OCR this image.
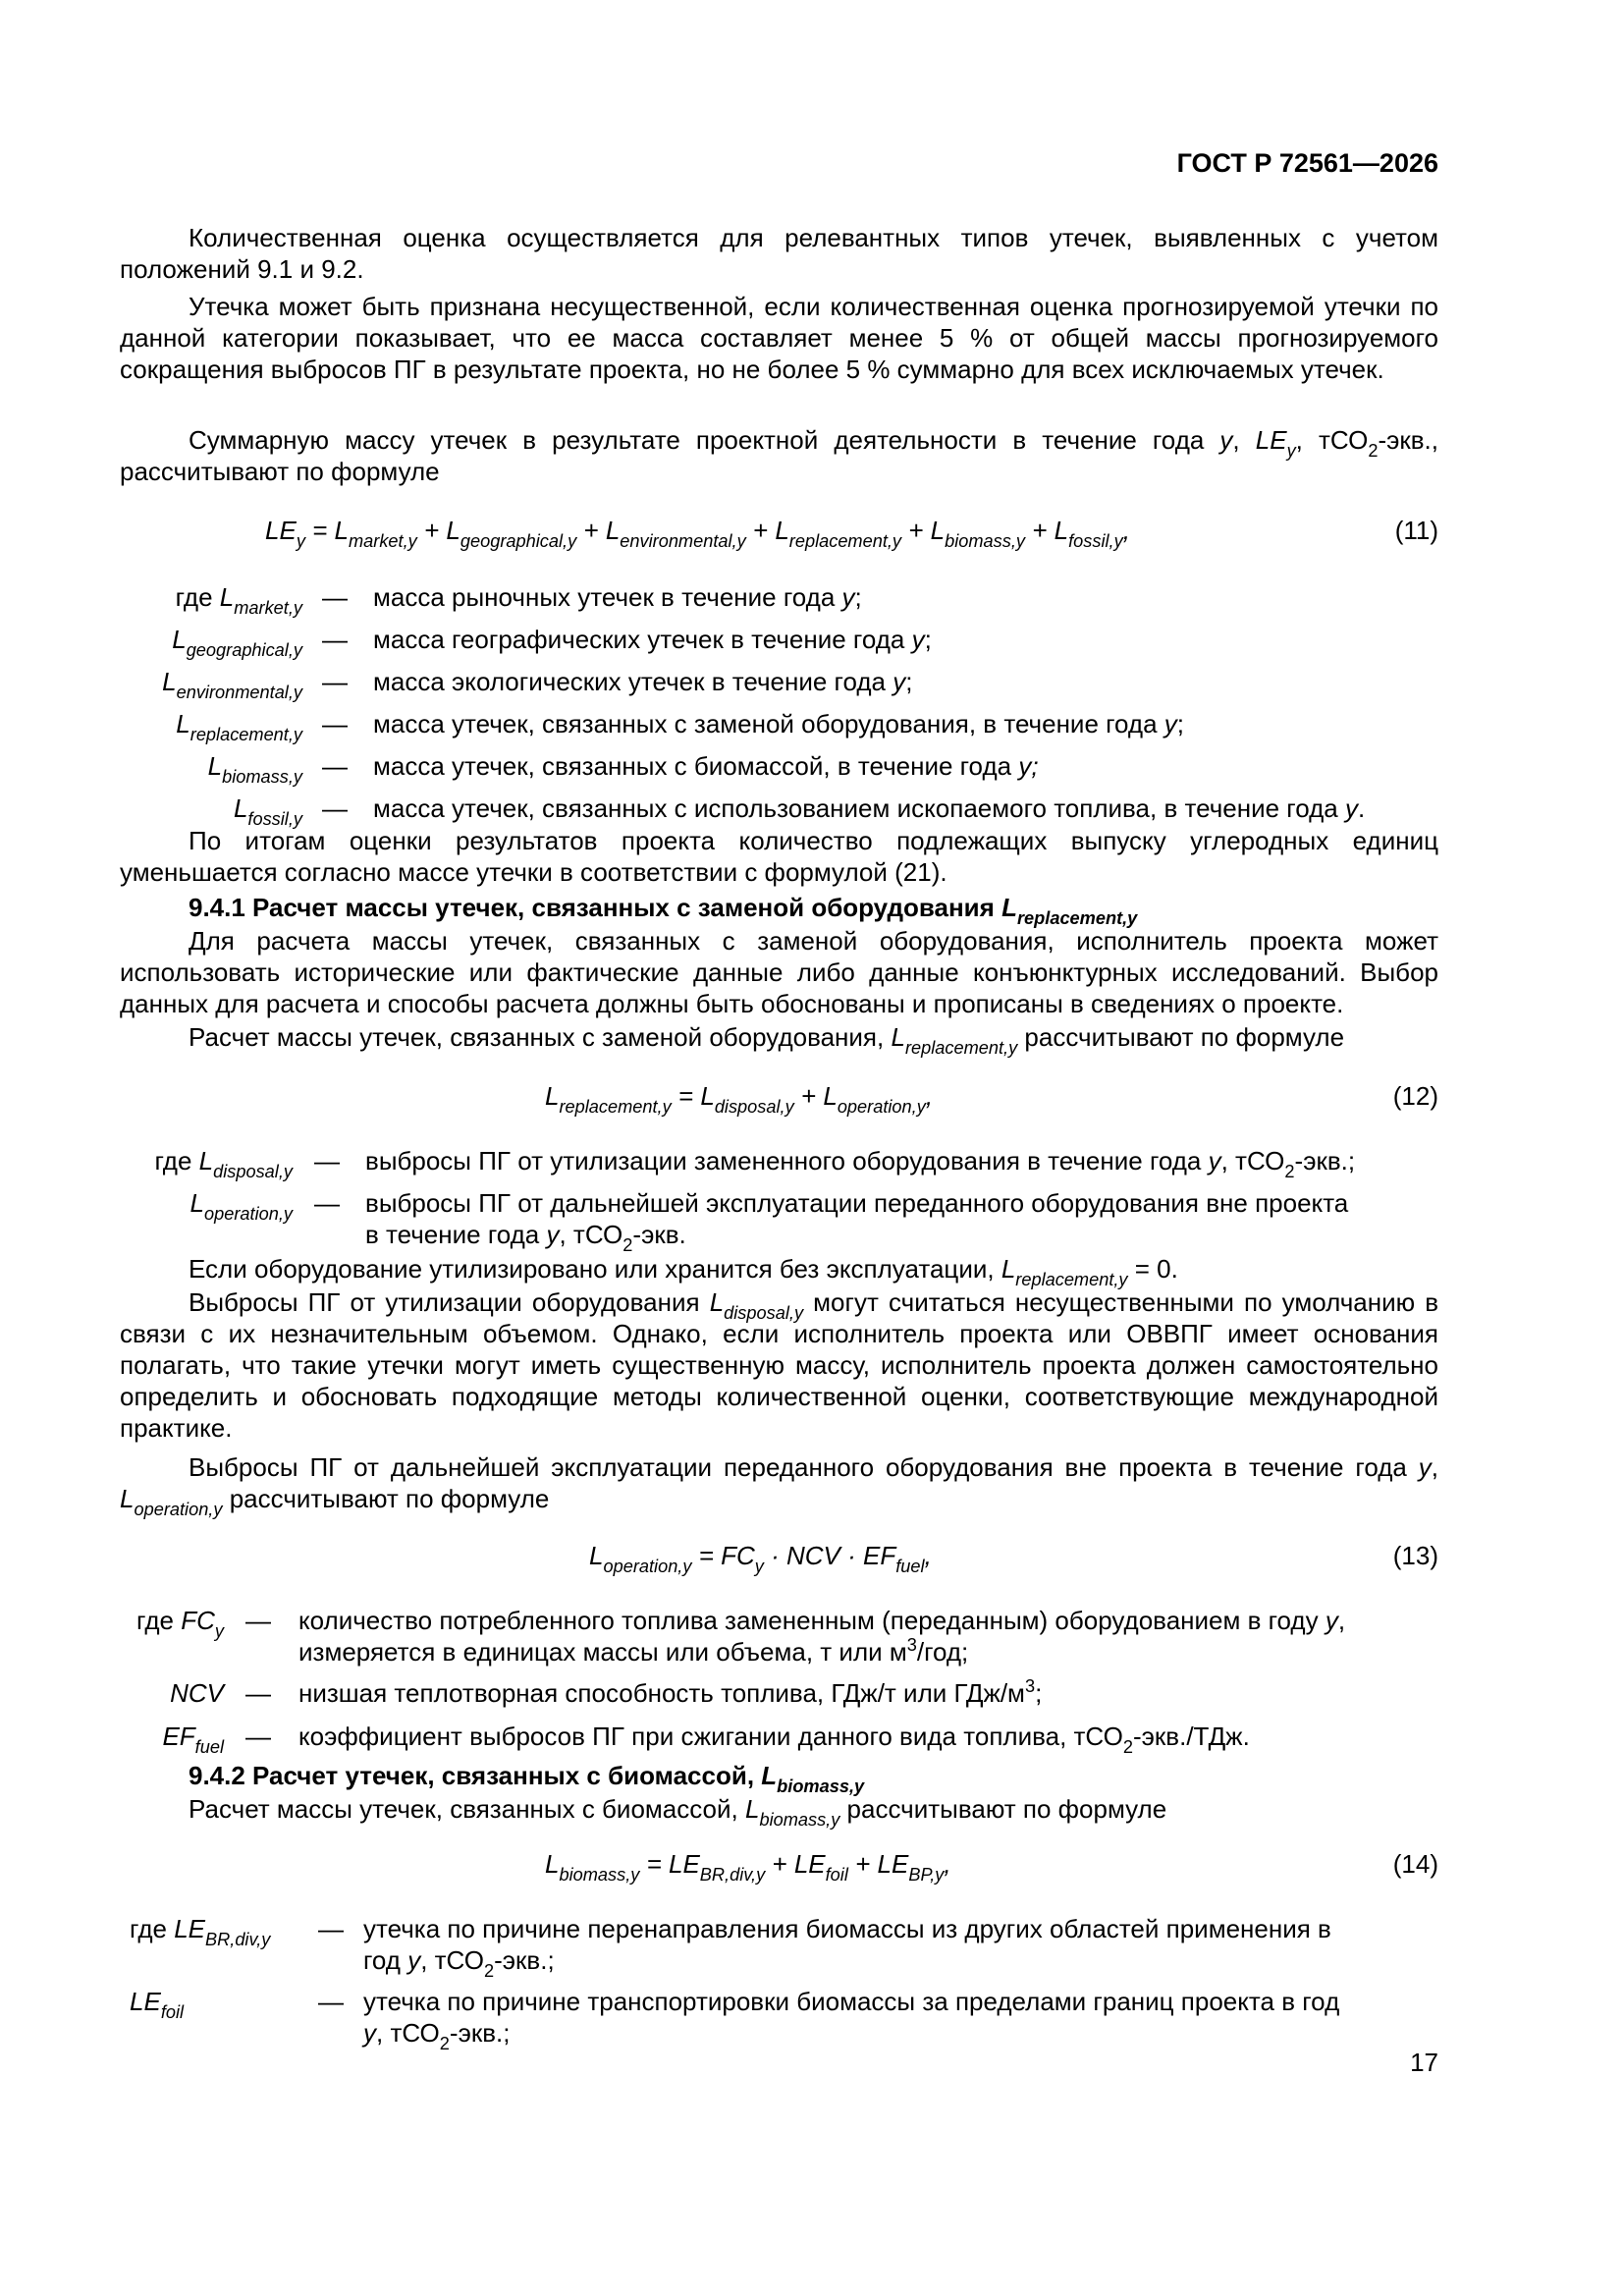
ГОСТ Р 72561—2026
Количественная оценка осуществляется для релевантных типов утечек, выявленных с учетом положений 9.1 и 9.2.
Утечка может быть признана несущественной, если количественная оценка прогнозируемой утечки по данной категории показывает, что ее масса составляет менее 5 % от общей массы прогнозируемого сокращения выбросов ПГ в результате проекта, но не более 5 % суммарно для всех исключаемых утечек.
Суммарную массу утечек в результате проектной деятельности в течение года y, $LE_y$, тСО$_2$-экв., рассчитывают по формуле
$LE_y = L_{market,y} + L_{geographical,y} + L_{environmental,y} + L_{replacement,y} + L_{biomass,y} + L_{fossil,y}$,	(11)
где $L_{market,y}$ — масса рыночных утечек в течение года y;
$L_{geographical,y}$ — масса географических утечек в течение года y;
$L_{environmental,y}$ — масса экологических утечек в течение года y;
$L_{replacement,y}$ — масса утечек, связанных с заменой оборудования, в течение года y;
$L_{biomass,y}$ — масса утечек, связанных с биомассой, в течение года y;
$L_{fossil,y}$ — масса утечек, связанных с использованием ископаемого топлива, в течение года y.
По итогам оценки результатов проекта количество подлежащих выпуску углеродных единиц уменьшается согласно массе утечки в соответствии с формулой (21).
9.4.1 Расчет массы утечек, связанных с заменой оборудования $L_{replacement,y}$
Для расчета массы утечек, связанных с заменой оборудования, исполнитель проекта может использовать исторические или фактические данные либо данные конъюнктурных исследований. Выбор данных для расчета и способы расчета должны быть обоснованы и прописаны в сведениях о проекте.
Расчет массы утечек, связанных с заменой оборудования, $L_{replacement,y}$ рассчитывают по формуле
$L_{replacement,y} = L_{disposal,y} + L_{operation,y}$,	(12)
где $L_{disposal,y}$ — выбросы ПГ от утилизации замененного оборудования в течение года y, тСО$_2$-экв.;
$L_{operation,y}$ — выбросы ПГ от дальнейшей эксплуатации переданного оборудования вне проекта
в течение года y, тСО$_2$-экв.
Если оборудование утилизировано или хранится без эксплуатации, $L_{replacement,y} = 0$.
Выбросы ПГ от утилизации оборудования $L_{disposal,y}$ могут считаться несущественными по умолчанию в связи с их незначительным объемом. Однако, если исполнитель проекта или ОВВПГ имеет основания полагать, что такие утечки могут иметь существенную массу, исполнитель проекта должен самостоятельно определить и обосновать подходящие методы количественной оценки, соответствующие международной практике.
Выбросы ПГ от дальнейшей эксплуатации переданного оборудования вне проекта в течение года y, $L_{operation,y}$ рассчитывают по формуле
$L_{operation,y} = FC_y$ · NCV · $EF_{fuel}$,	(13)
где $FC_y$ — количество потребленного топлива замененным (переданным) оборудованием в году y,
измеряется в единицах массы или объема, т или $м^3$/год;
NCV — низшая теплотворная способность топлива, ГДж/т или ГДж/$м^3$;
$EF_{fuel}$ — коэффициент выбросов ПГ при сжигании данного вида топлива, тСО$_2$-экв./ТДж.
9.4.2 Расчет утечек, связанных с биомассой, $L_{biomass,y}$
Расчет массы утечек, связанных с биомассой, $L_{biomass,y}$ рассчитывают по формуле
$L_{biomass,y} = LE_{BR,div,y} + LE_{foil} + LE_{BP,y}$,	(14)
где $LE_{BR,div,y}$ — утечка по причине перенаправления биомассы из других областей применения в
год y, тСО$_2$-экв.;
$LE_{foil}$	— утечка по причине транспортировки биомассы за пределами границ проекта в год
y, тСО$_2$-экв.;
17
